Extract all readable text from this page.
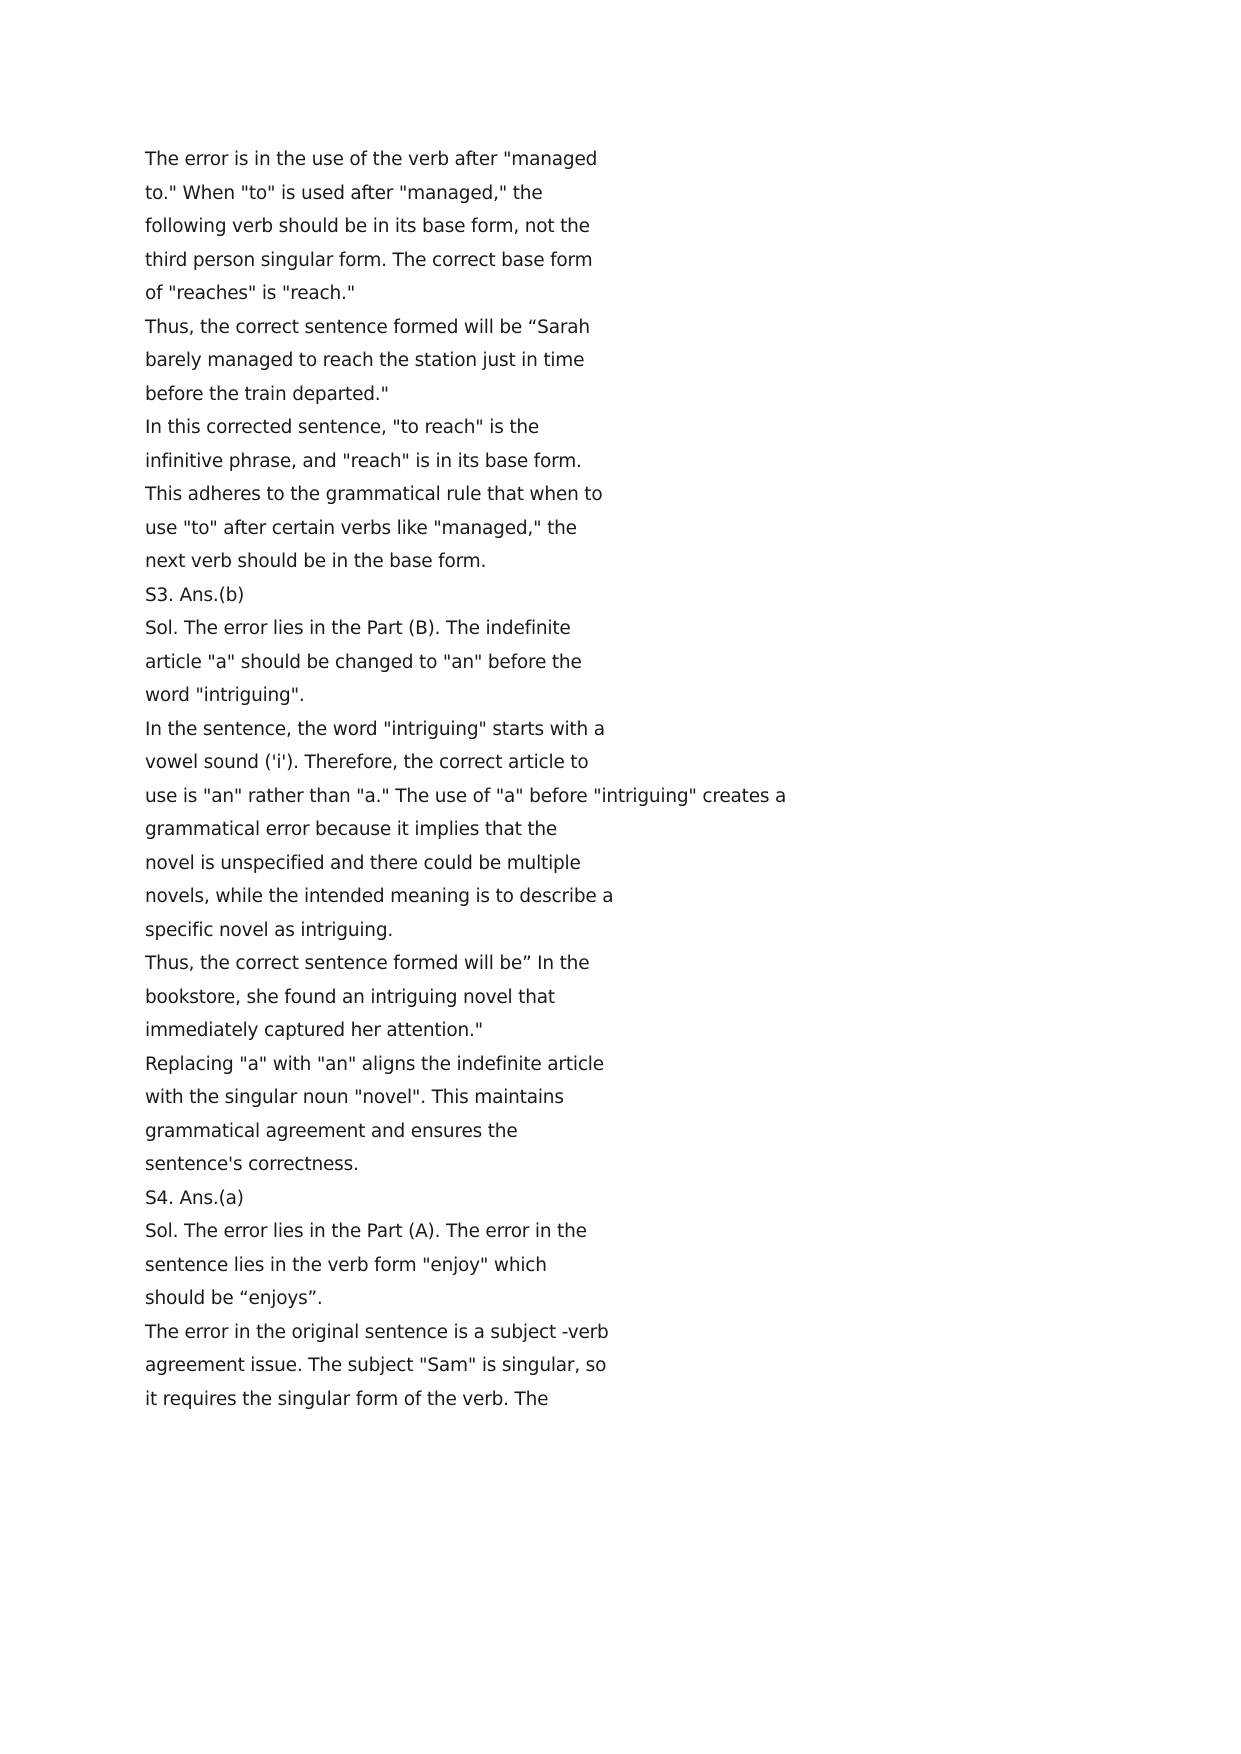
The error is in the use of the verb after "managed
to." When "to" is used after "managed," the
following verb should be in its base form, not the
third person singular form. The correct base form
of "reaches" is "reach."
Thus, the correct sentence formed will be “Sarah
barely managed to reach the station just in time
before the train departed."
In this corrected sentence, "to reach" is the
infinitive phrase, and "reach" is in its base form.
This adheres to the grammatical rule that when to
use "to" after certain verbs like "managed," the
next verb should be in the base form.
S3. Ans.(b)
Sol. The error lies in the Part (B). The indefinite
article "a" should be changed to "an" before the
word "intriguing".
In the sentence, the word "intriguing" starts with a
vowel sound ('i'). Therefore, the correct article to
use is "an" rather than "a." The use of "a" before "intriguing" creates a
grammatical error because it implies that the
novel is unspecified and there could be multiple
novels, while the intended meaning is to describe a
specific novel as intriguing.
Thus, the correct sentence formed will be” In the
bookstore, she found an intriguing novel that
immediately captured her attention."
Replacing "a" with "an" aligns the indefinite article
with the singular noun "novel". This maintains
grammatical agreement and ensures the
sentence's correctness.
S4. Ans.(a)
Sol. The error lies in the Part (A). The error in the
sentence lies in the verb form "enjoy" which
should be “enjoys”.
The error in the original sentence is a subject -verb
agreement issue. The subject "Sam" is singular, so
it requires the singular form of the verb. The
